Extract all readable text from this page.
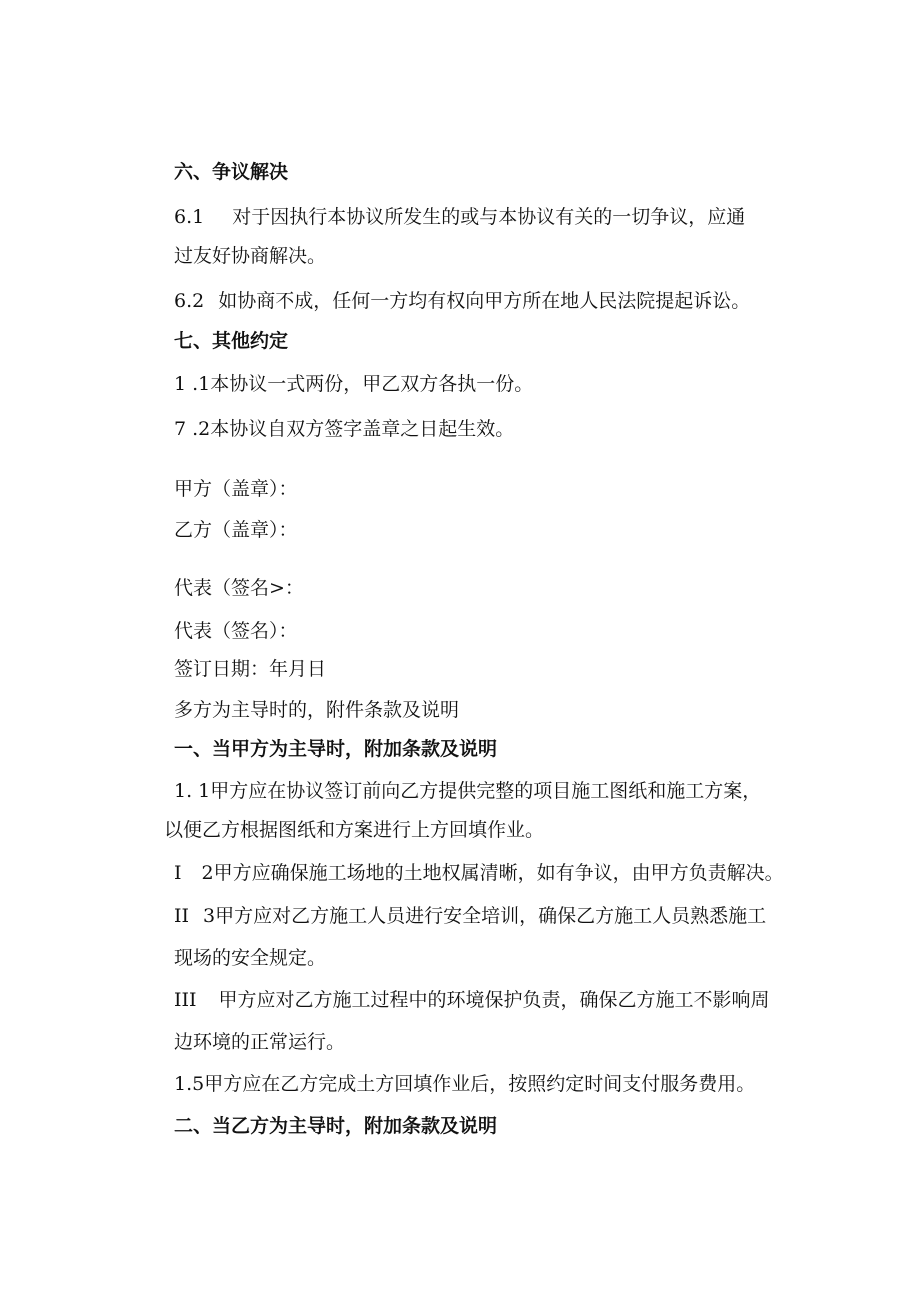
六、争议解决

6.1 对于因执行本协议所发生的或与本协议有关的一切争议，应通

过友好协商解决。

6.2 如协商不成，任何一方均有权向甲方所在地人民法院提起诉讼。

七、其他约定

1 .1本协议一式两份，甲乙双方各执一份。

7 .2本协议自双方签字盖章之日起生效。

甲方（盖章）：

乙方（盖章）：

代表（签名>：

代表（签名）：

签订日期：年月日

多方为主导时的，附件条款及说明

一、当甲方为主导时，附加条款及说明

1. 1甲方应在协议签订前向乙方提供完整的项目施工图纸和施工方案，

以便乙方根据图纸和方案进行上方回填作业。

I 2甲方应确保施工场地的土地权属清晰，如有争议，由甲方负责解决。

II 3甲方应对乙方施工人员进行安全培训，确保乙方施工人员熟悉施工

现场的安全规定。

III 甲方应对乙方施工过程中的环境保护负责，确保乙方施工不影响周

边环境的正常运行。

1.5甲方应在乙方完成土方回填作业后，按照约定时间支付服务费用。

二、当乙方为主导时，附加条款及说明
